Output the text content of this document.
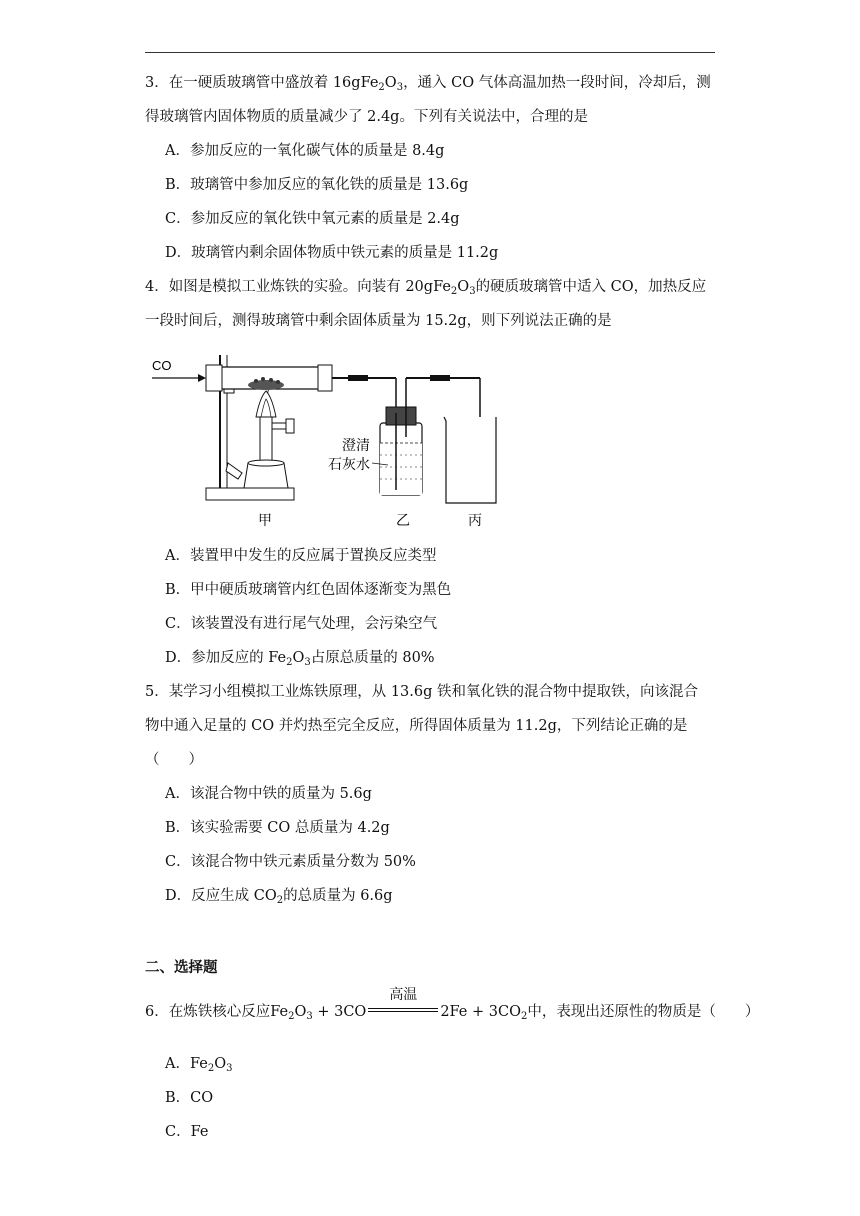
3．在一硬质玻璃管中盛放着 $16gFe_2O_3$，通入 CO 气体高温加热一段时间，冷却后，测
得玻璃管内固体物质的质量减少了 2.4g。下列有关说法中，合理的是
A．参加反应的一氧化碳气体的质量是 8.4g
B．玻璃管中参加反应的氧化铁的质量是 13.6g
C．参加反应的氧化铁中氧元素的质量是 2.4g
D．玻璃管内剩余固体物质中铁元素的质量是 11.2g
4．如图是模拟工业炼铁的实验。向装有 $20gFe_2O_3$的硬质玻璃管中适入 CO，加热反应
一段时间后，测得玻璃管中剩余固体质量为 15.2g，则下列说法正确的是
CO
澄清
石灰水
甲	乙	丙
A．装置甲中发生的反应属于置换反应类型
B．甲中硬质玻璃管内红色固体逐渐变为黑色
C．该装置没有进行尾气处理，会污染空气
D．参加反应的 $Fe_2O_3$占原总质量的 80%
5．某学习小组模拟工业炼铁原理，从 13.6g 铁和氧化铁的混合物中提取铁，向该混合
物中通入足量的 CO 并灼热至完全反应，所得固体质量为 11.2g，下列结论正确的是
（　　）
A．该混合物中铁的质量为 5.6g
B．该实验需要 CO 总质量为 4.2g
C．该混合物中铁元素质量分数为 50%
D．反应生成 $CO_2$的总质量为 6.6g
二、选择题
6．在炼铁核心反应$Fe_2O_3 + 3CO$
高温
$2Fe + 3CO_2$中，表现出还原性的物质是（　　）
A．$Fe_2O_3$
B．CO
C．Fe
